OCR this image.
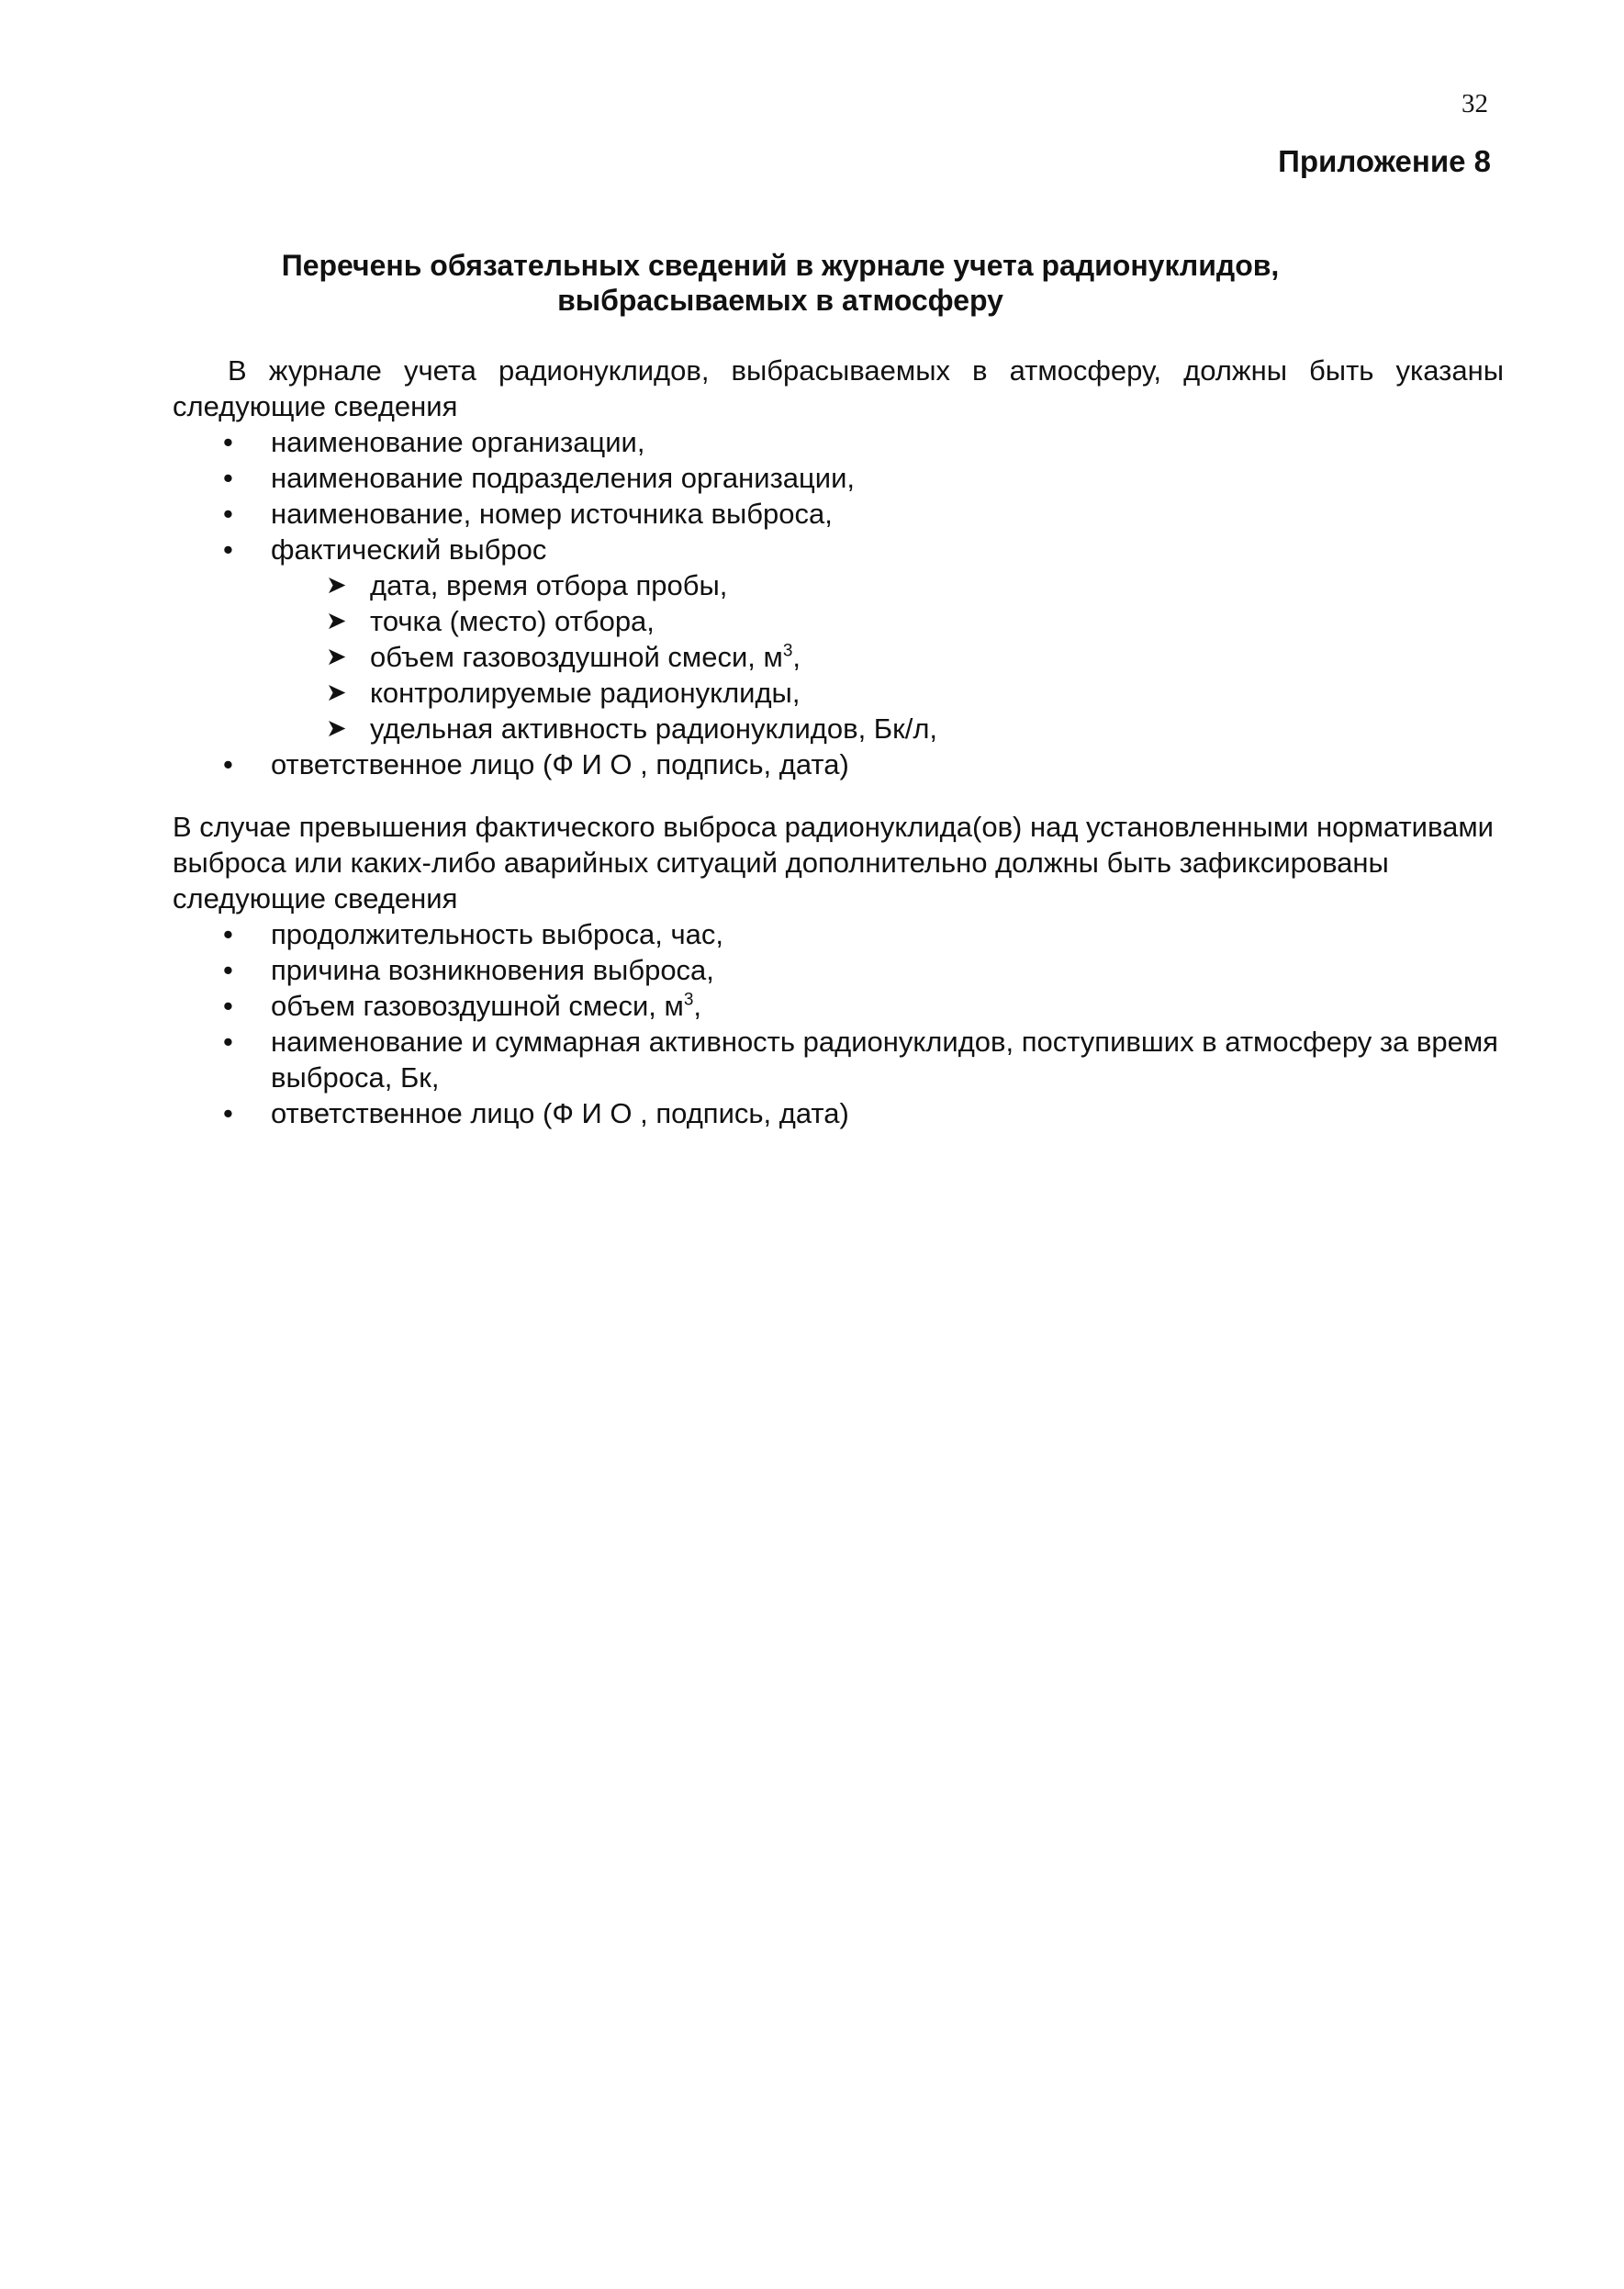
32
Приложение 8
Перечень обязательных сведений в журнале учета радионуклидов,
выбрасываемых в атмосферу

В журнале учета радионуклидов, выбрасываемых в атмосферу, должны быть указаны следующие сведения

• наименование организации,
• наименование подразделения организации,
• наименование, номер источника выброса,
• фактический выброс
➤ дата, время отбора пробы,
➤ точка (место) отбора,
➤ объем газовоздушной смеси, $м^3$,
➤ контролируемые радионуклиды,
➤ удельная активность радионуклидов, Бк/л,
• ответственное лицо (Ф И О , подпись, дата)

В случае превышения фактического выброса радионуклида(ов) над установленными нормативами выброса или каких-либо аварийных ситуаций дополнительно должны быть зафиксированы следующие сведения

• продолжительность выброса, час,
• причина возникновения выброса,
• объем газовоздушной смеси, $м^3$,
• наименование и суммарная активность радионуклидов, поступивших в атмосферу за время выброса, Бк,
• ответственное лицо (Ф И О , подпись, дата)
